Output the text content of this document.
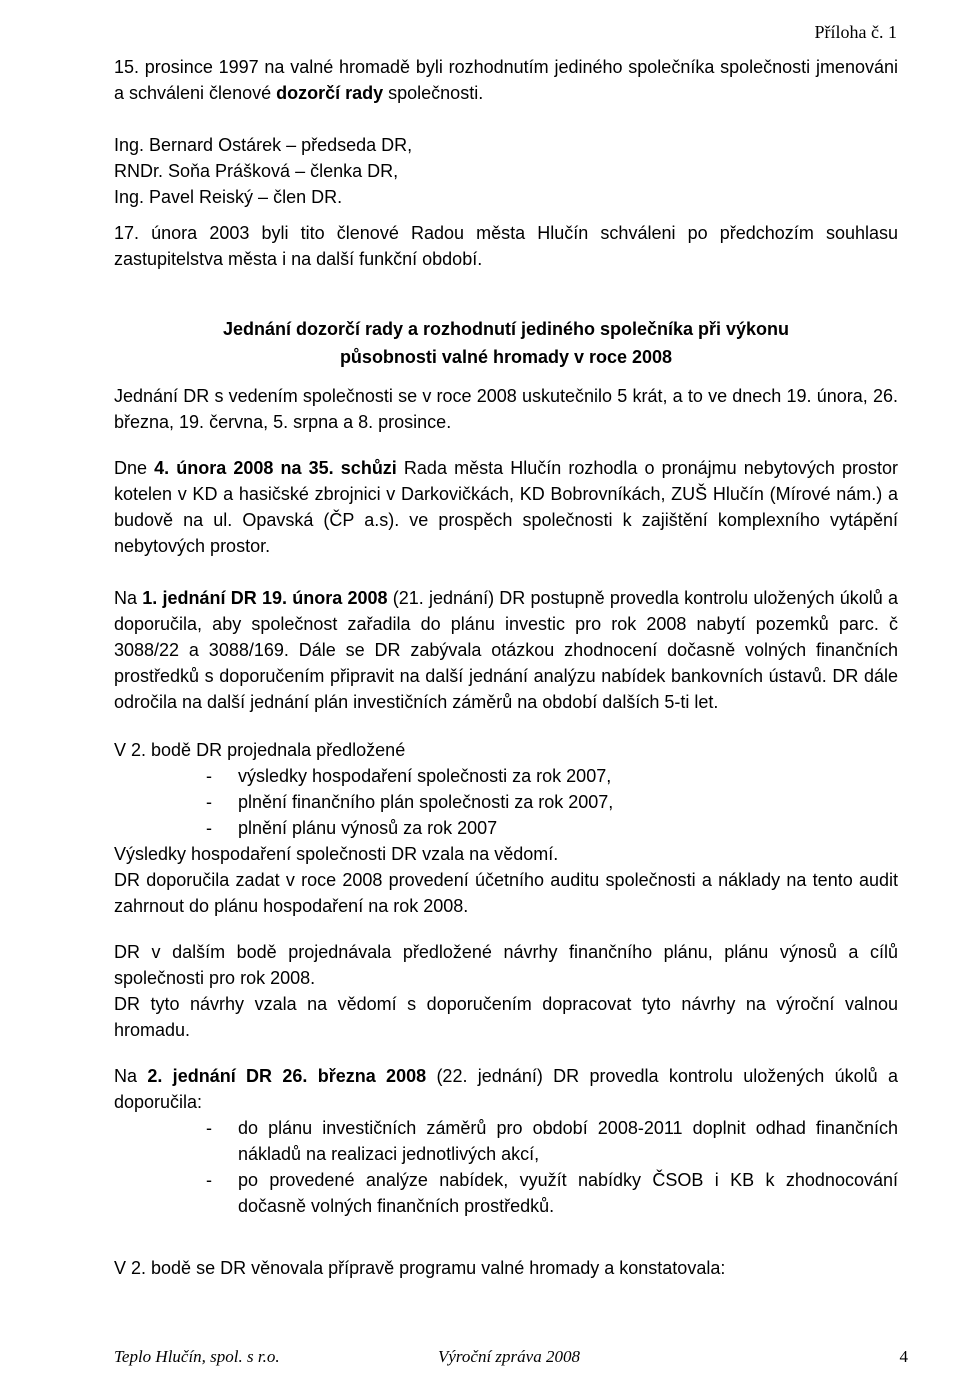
Příloha č. 1

15. prosince 1997 na valné hromadě byli rozhodnutím jediného společníka společnosti jmenováni a schváleni členové dozorčí rady společnosti.

Ing. Bernard Ostárek – předseda DR,

RNDr. Soňa Prášková – členka DR,

Ing. Pavel Reiský – člen DR.

17. února 2003 byli tito členové Radou města Hlučín schváleni po předchozím souhlasu zastupitelstva města i na další funkční období.

Jednání dozorčí rady a rozhodnutí jediného společníka při výkonu
působnosti valné hromady v roce 2008

Jednání DR s vedením společnosti se v roce 2008 uskutečnilo 5 krát, a to ve dnech 19. února, 26. března, 19. června, 5. srpna a 8. prosince.

Dne 4. února 2008 na 35. schůzi Rada města Hlučín rozhodla o pronájmu nebytových prostor kotelen v KD a hasičské zbrojnici v Darkovičkách, KD Bobrovníkách, ZUŠ Hlučín (Mírové nám.) a budově na ul. Opavská (ČP a.s). ve prospěch společnosti k zajištění komplexního vytápění nebytových prostor.

Na 1. jednání DR 19. února 2008 (21. jednání) DR postupně provedla kontrolu uložených úkolů a doporučila, aby společnost zařadila do plánu investic pro rok 2008 nabytí pozemků parc. č 3088/22 a 3088/169. Dále se DR zabývala otázkou zhodnocení dočasně volných finančních prostředků s doporučením připravit na další jednání analýzu nabídek bankovních ústavů. DR dále odročila na další jednání plán investičních záměrů na období dalších 5-ti let.

V 2. bodě DR projednala předložené

- výsledky hospodaření společnosti za rok 2007,
- plnění finančního plán společnosti za rok 2007,
- plnění plánu výnosů za rok 2007

Výsledky hospodaření společnosti DR vzala na vědomí.

DR doporučila zadat v roce 2008 provedení účetního auditu společnosti a náklady na tento audit zahrnout do plánu hospodaření na rok 2008.

DR v dalším bodě projednávala předložené návrhy finančního plánu, plánu výnosů a cílů společnosti pro rok 2008.

DR tyto návrhy vzala na vědomí s doporučením dopracovat tyto návrhy na výroční valnou hromadu.

Na 2. jednání DR 26. března 2008 (22. jednání) DR provedla kontrolu uložených úkolů a doporučila:

- do plánu investičních záměrů pro období 2008-2011 doplnit odhad finančních nákladů na realizaci jednotlivých akcí,
- po provedené analýze nabídek, využít nabídky ČSOB i KB k zhodnocování dočasně volných finančních prostředků.

V 2. bodě se DR věnovala přípravě programu valné hromady a konstatovala:

Teplo Hlučín, spol. s r.o.	Výroční zpráva 2008	4
